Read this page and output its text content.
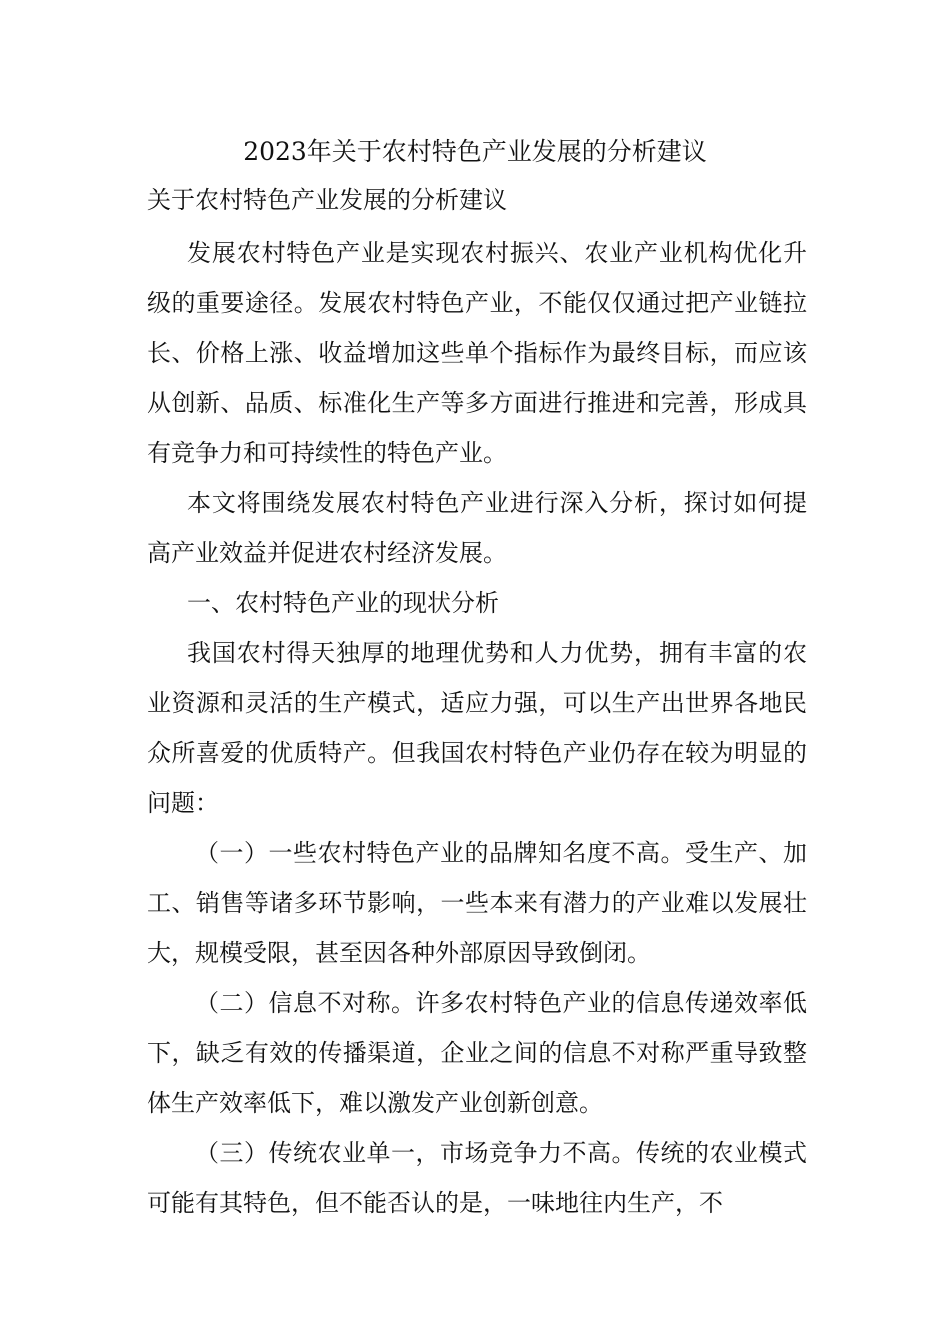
2023年关于农村特色产业发展的分析建议
关于农村特色产业发展的分析建议

发展农村特色产业是实现农村振兴、农业产业机构优化升级的重要途径。发展农村特色产业，不能仅仅通过把产业链拉长、价格上涨、收益增加这些单个指标作为最终目标，而应该从创新、品质、标准化生产等多方面进行推进和完善，形成具有竞争力和可持续性的特色产业。

本文将围绕发展农村特色产业进行深入分析，探讨如何提高产业效益并促进农村经济发展。

一、农村特色产业的现状分析

我国农村得天独厚的地理优势和人力优势，拥有丰富的农业资源和灵活的生产模式，适应力强，可以生产出世界各地民众所喜爱的优质特产。但我国农村特色产业仍存在较为明显的问题：

（一）一些农村特色产业的品牌知名度不高。受生产、加工、销售等诸多环节影响，一些本来有潜力的产业难以发展壮大，规模受限，甚至因各种外部原因导致倒闭。

（二）信息不对称。许多农村特色产业的信息传递效率低下，缺乏有效的传播渠道，企业之间的信息不对称严重导致整体生产效率低下，难以激发产业创新创意。

（三）传统农业单一，市场竞争力不高。传统的农业模式可能有其特色，但不能否认的是，一味地往内生产，不
